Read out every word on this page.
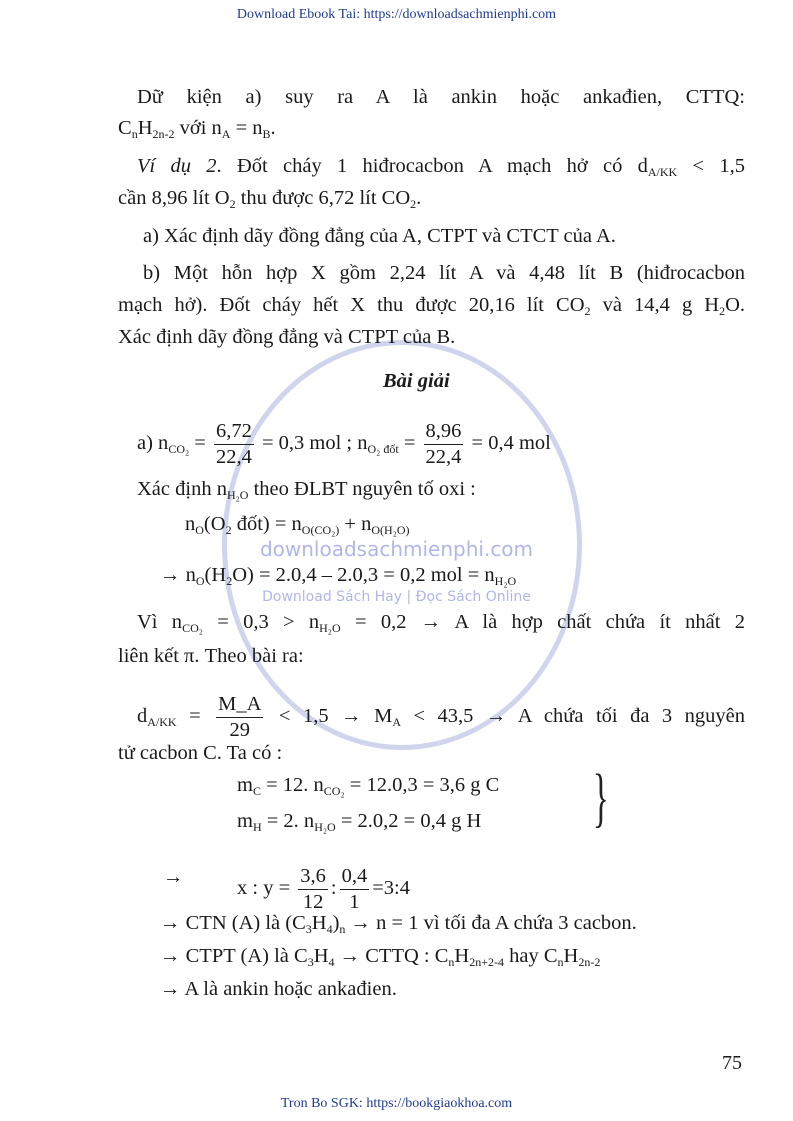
Download Ebook Tai: https://downloadsachmienphi.com
downloadsachmienphi.com
Download Sách Hay | Đọc Sách Online
Dữ kiện a) suy ra A là ankin hoặc ankađien, CTTQ:
CnH2n-2 với nA = nB.
Ví dụ 2. Đốt cháy 1 hiđrocacbon A mạch hở có dA/KK < 1,5
cần 8,96 lít O2 thu được 6,72 lít CO2.
a) Xác định dãy đồng đẳng của A, CTPT và CTCT của A.
b) Một hỗn hợp X gồm 2,24 lít A và 4,48 lít B (hiđrocacbon
mạch hở). Đốt cháy hết X thu được 20,16 lít CO2 và 14,4 g H2O.
Xác định dãy đồng đẳng và CTPT của B.
Bài giải
a) $nCO_2 = \frac{6,72}{22,4} = 0,3$ mol ; nO₂ đốt = $\frac{8,96}{22,4} = 0,4$ mol
Xác định nH₂O theo ĐLBT nguyên tố oxi :
nO(O2 đốt) = nO(CO₂) + nO(H₂O)
→ nO(H2O) = 2.0,4 – 2.0,3 = 0,2 mol = nH₂O
Vì nCO₂ = 0,3 > nH₂O = 0,2 → A là hợp chất chứa ít nhất 2
liên kết π. Theo bài ra:
$dA/KK = \frac{M\_A}{29} < 1,5$ → MA < 43,5 → A chứa tối đa 3 nguyên
tử cacbon C. Ta có :
mC = 12. nCO₂ = 12.0,3 = 3,6 g C
mH = 2. nH₂O = 2.0,2 = 0,4 g H }
→
x : $y = \frac{3,6}{12}$ : $\frac{0,4}{1}$ =3:4
→ CTN (A) là (C3H4)n → n = 1 vì tối đa A chứa 3 cacbon.
→ CTPT (A) là C3H4 → CTTQ : CnH2n+2-4 hay CnH2n-2
→ A là ankin hoặc ankađien.
75
Tron Bo SGK: https://bookgiaokhoa.com
